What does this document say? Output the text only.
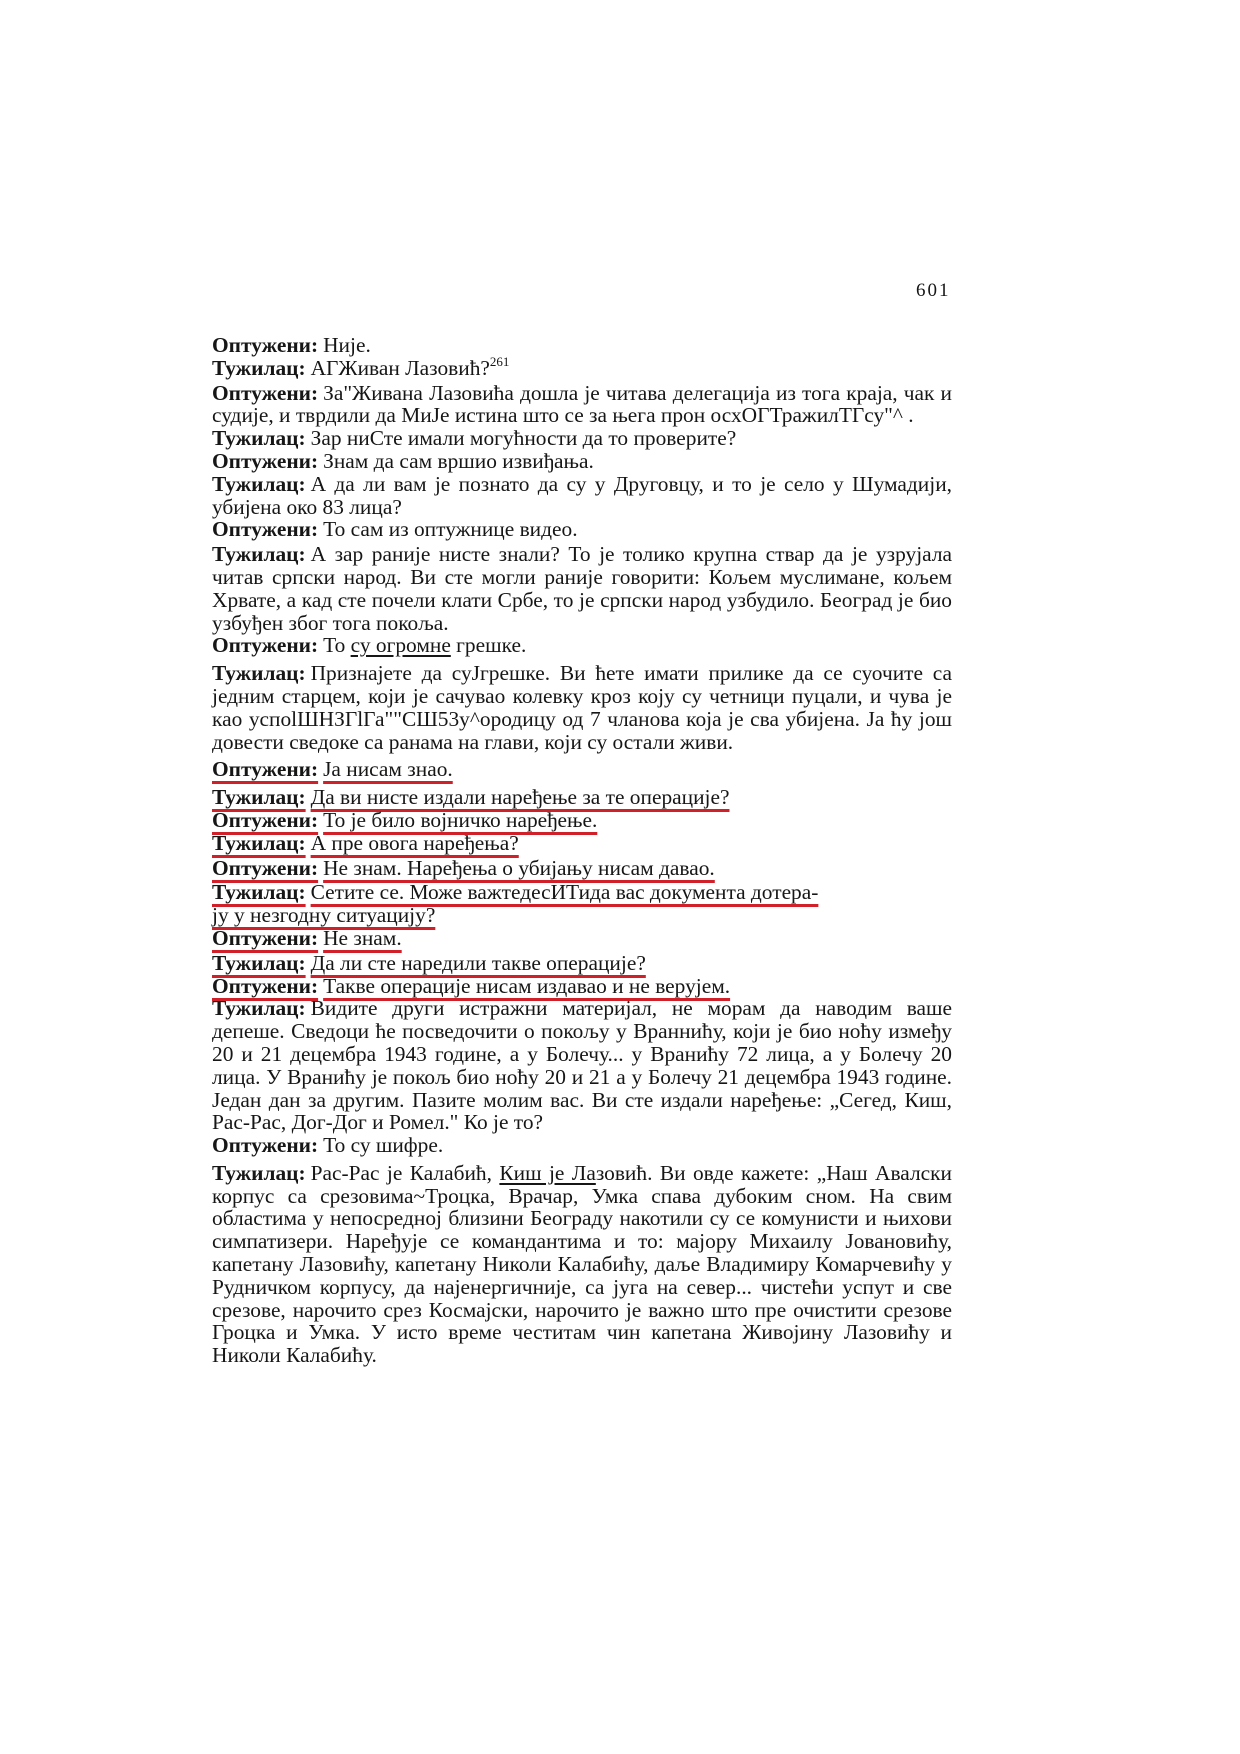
601

Оптужени: Није.

Тужилац: АГЖиван Лазовић?$^{261}$

Оптужени: За"Живана Лазовића дошла је читава делегација из тога краја, чак и судије, и тврдили да МиЈе истина што се за њега прон осхОГТражилТГсу"^ .

Тужилац: Зар ниСте имали могућности да то проверите?

Оптужени: Знам да сам вршио извиђања.

Тужилац: А да ли вам је познато да су у Друговцу, и то је село у Шумадији, убијена око 83 лица?

Оптужени: То сам из оптужнице видео.

Тужилац: А зар раније нисте знали? То је толико крупна ствар да је узрујала читав српски народ. Ви сте могли раније говорити: Кољем муслимане, кољем Хрвате, а кад сте почели клати Србе, то је српски народ узбудило. Београд је био узбуђен због тога покоља.

Оптужени: То су огромне грешке.

Тужилац: Признајете да суЈгрешке. Ви ћете имати прилике да се суочите са једним старцем, који је сачувао колевку кроз коју су четници пуцали, и чува је као успоlШНЗГlГа""СШ53у^ородицу од 7 чланова која је сва убијена. Ја ћу још довести сведоке са ранама на глави, који су остали живи.

Оптужени: Ја нисам знао.

Тужилац: Да ви нисте издали наређење за те операције?

Оптужени: То је било војничко наређење.

Тужилац: А пре овога наређења?

Оптужени: Не знам. Наређења о убијању нисам давао.

Тужилац: Сетите се. Може важтедесИТида вас документа дотера-
ју у незгодну ситуацију?

Оптужени: Не знам.

Тужилац: Да ли сте наредили такве операције?

Оптужени: Такве операције нисам издавао и не верујем.

Тужилац: Видите други истражни материјал, не морам да наводим ваше депеше. Сведоци ће посведочити о покољу у Враннићу, који је био ноћу између 20 и 21 децембра 1943 године, а у Болечу... у Вранићу 72 лица, а у Болечу 20 лица. У Вранићу је покољ био ноћу 20 и 21 а у Болечу 21 децембра 1943 године. Један дан за другим. Пазите молим вас. Ви сте издали наређење: „Сегед, Киш, Рас-Рас, Дог-Дог и Ромел." Ко је то?

Оптужени: То су шифре.

Тужилац: Рас-Рас је Калабић, Киш је Лазовић. Ви овде кажете: „Наш Авалски корпус са срезовима~Троцка, Врачар, Умка спава дубоким сном. На свим областима у непосредној близини Београду накотили су се комунисти и њихови симпатизери. Наређује се командантима и то: мајору Михаилу Јовановићу, капетану Лазовићу, капетану Николи Калабићу, даље Владимиру Комарчевићу у Рудничком корпусу, да најенергичније, са југа на север... чистећи успут и све срезове, нарочито срез Космајски, нарочито је важно што пре очистити срезове Гроцка и Умка. У исто време честитам чин капетана Живојину Лазовићу и Николи Калабићу.
